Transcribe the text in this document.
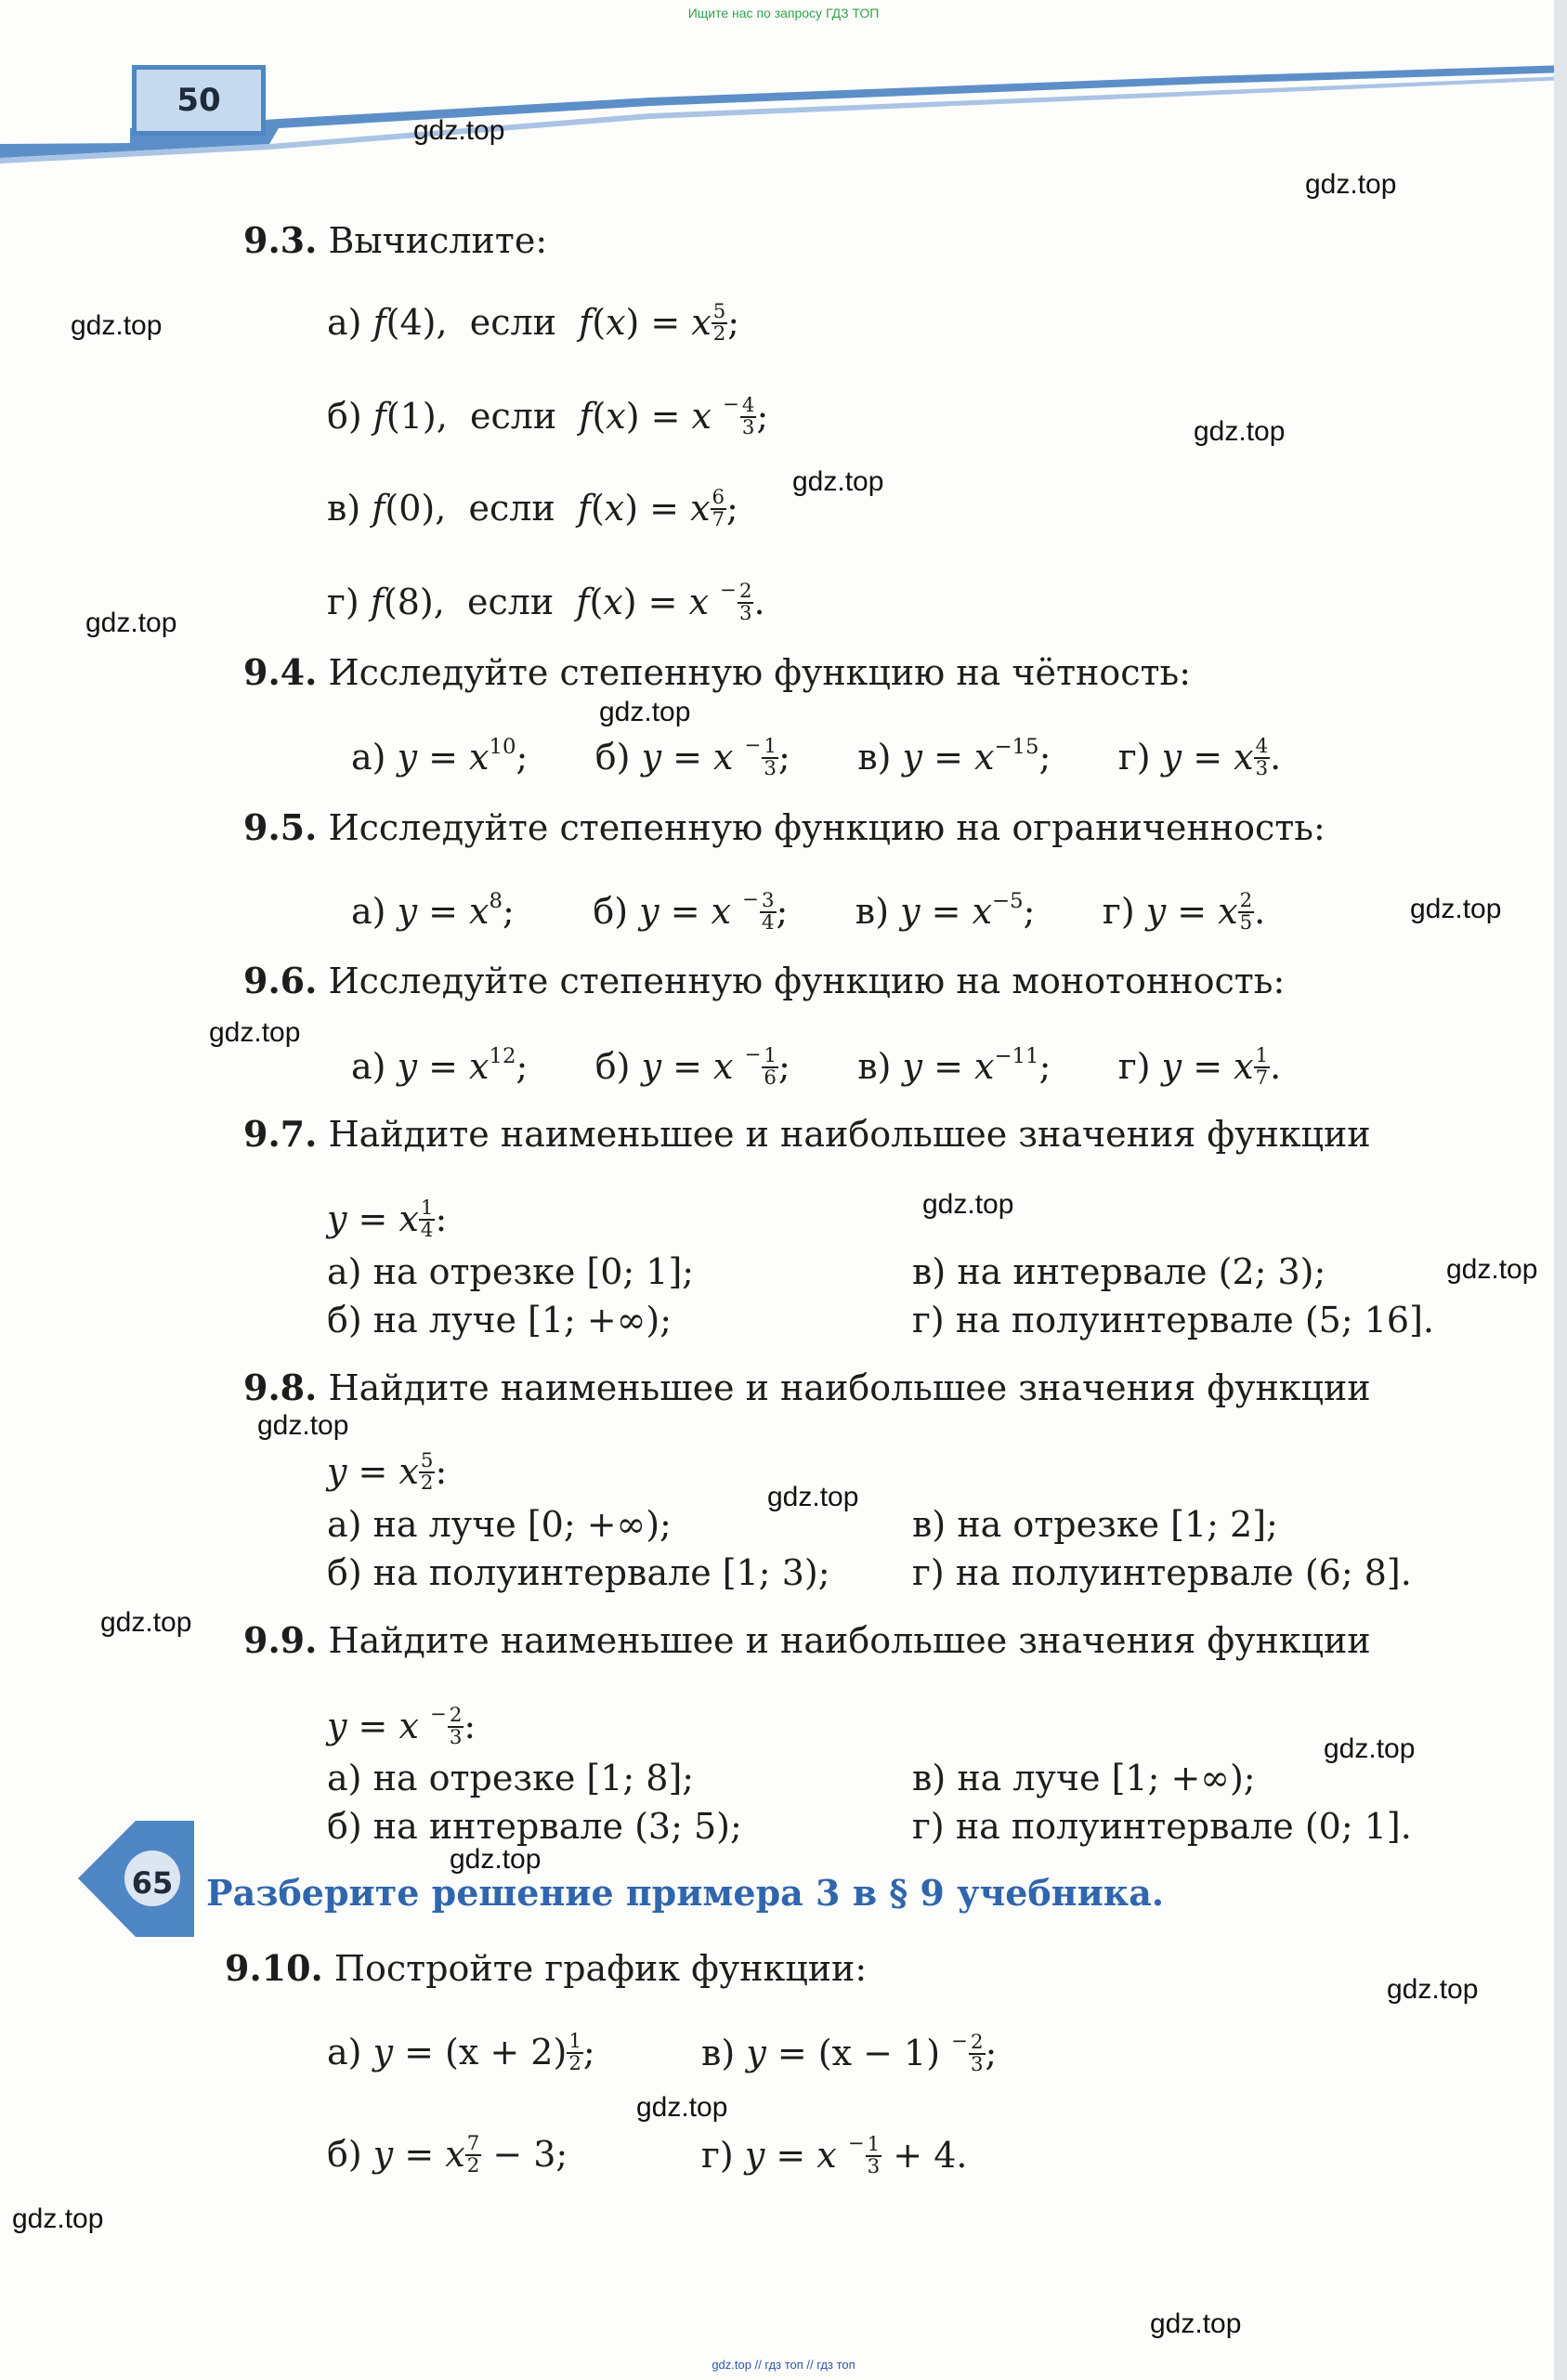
Ищите нас по запросу ГДЗ ТОП
50
gdz.top
gdz.top
gdz.top
gdz.top
gdz.top
gdz.top
gdz.top
gdz.top
gdz.top
gdz.top
gdz.top
gdz.top
gdz.top
gdz.top
gdz.top
gdz.top
gdz.top
gdz.top
gdz.top
gdz.top
9.3. Вычислите:
а) f(4),  если f(x) = x $\frac{5}{2}$ ;
б) f(1),  если f(x) = x $^- \frac{4}{3}$ ;
в) f(0),  если f(x) = x $\frac{6}{7}$ ;
г) f(8),  если f(x) = x $^- \frac{2}{3}$ .
9.4. Исследуйте степенную функцию на чётность:
а) $y = x^{10}$;      б) y = x $^- \frac{1}{3}$ ;      в) $y = x^{-15}$;      г) y = x $\frac{4}{3}$ .
9.5. Исследуйте степенную функцию на ограниченность:
а) $y = x^8$;       б) y = x $^- \frac{3}{4}$ ;      в) $y = x^{-5}$;      г) y = x $\frac{2}{5}$ .
9.6. Исследуйте степенную функцию на монотонность:
а) $y = x^{12}$;      б) y = x $^- \frac{1}{6}$ ;      в) $y = x^{-11}$;      г) y = x $\frac{1}{7}$ .
9.7. Найдите наименьшее и наибольшее значения функции
y = x $\frac{1}{4}$ :
а) на отрезке [0; 1];
б) на луче [1; +∞);
в) на интервале (2; 3);
г) на полуинтервале (5; 16].
9.8. Найдите наименьшее и наибольшее значения функции
y = x $\frac{5}{2}$ :
а) на луче [0; +∞);
б) на полуинтервале [1; 3);
в) на отрезке [1; 2];
г) на полуинтервале (6; 8].
9.9. Найдите наименьшее и наибольшее значения функции
y = x $^- \frac{2}{3}$ :
а) на отрезке [1; 8];
б) на интервале (3; 5);
в) на луче [1; +∞);
г) на полуинтервале (0; 1].
65 Разберите решение примера 3 в § 9 учебника.
9.10. Постройте график функции:
а) $y = (x + 2) \frac{1}{2}$ ;	в) y = (x − 1) $^- \frac{2}{3}$ ;
б) y = x $\frac{7}{2} - 3$;	г) y = x $^- \frac{1}{3} + 4$.
gdz.top // гдз топ // гдз топ
